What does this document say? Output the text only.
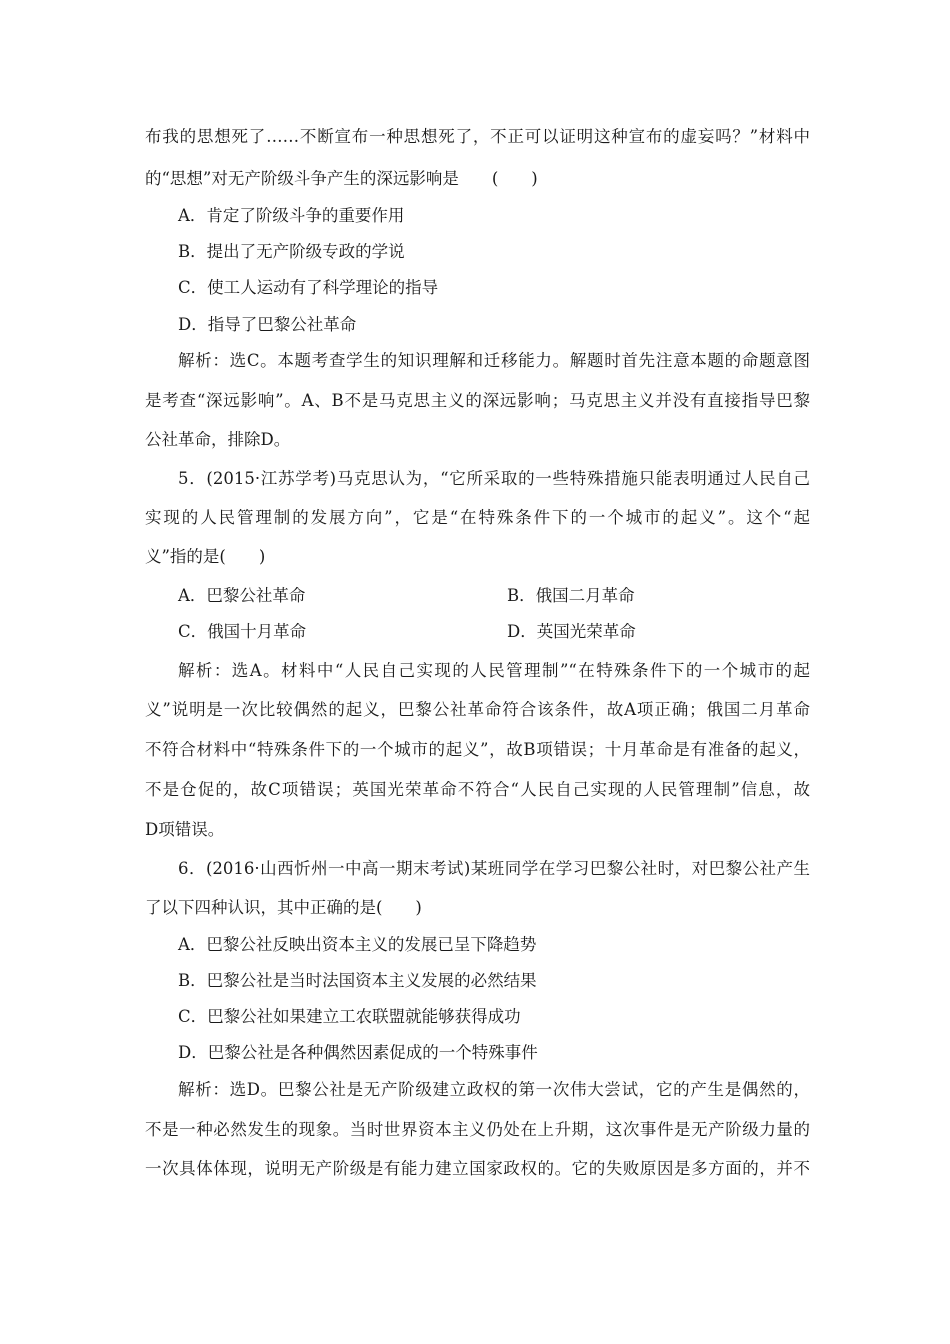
布我的思想死了……不断宣布一种思想死了，不正可以证明这种宣布的虚妄吗？”材料中
的“思想”对无产阶级斗争产生的深远影响是　　(　　)
A．肯定了阶级斗争的重要作用
B．提出了无产阶级专政的学说
C．使工人运动有了科学理论的指导
D．指导了巴黎公社革命
解析：选C。本题考查学生的知识理解和迁移能力。解题时首先注意本题的命题意图
是考查“深远影响”。A、B不是马克思主义的深远影响；马克思主义并没有直接指导巴黎
公社革命，排除D。
5．(2015·江苏学考)马克思认为，“它所采取的一些特殊措施只能表明通过人民自己
实现的人民管理制的发展方向”，它是“在特殊条件下的一个城市的起义”。这个“起
义”指的是(　　)
A．巴黎公社革命	B．俄国二月革命
C．俄国十月革命	D．英国光荣革命
解析：选A。材料中“人民自己实现的人民管理制”“在特殊条件下的一个城市的起
义”说明是一次比较偶然的起义，巴黎公社革命符合该条件，故A项正确；俄国二月革命
不符合材料中“特殊条件下的一个城市的起义”，故B项错误；十月革命是有准备的起义，
不是仓促的，故C项错误；英国光荣革命不符合“人民自己实现的人民管理制”信息，故
D项错误。
6．(2016·山西忻州一中高一期末考试)某班同学在学习巴黎公社时，对巴黎公社产生
了以下四种认识，其中正确的是(　　)
A．巴黎公社反映出资本主义的发展已呈下降趋势
B．巴黎公社是当时法国资本主义发展的必然结果
C．巴黎公社如果建立工农联盟就能够获得成功
D．巴黎公社是各种偶然因素促成的一个特殊事件
解析：选D。巴黎公社是无产阶级建立政权的第一次伟大尝试，它的产生是偶然的，
不是一种必然发生的现象。当时世界资本主义仍处在上升期，这次事件是无产阶级力量的
一次具体体现，说明无产阶级是有能力建立国家政权的。它的失败原因是多方面的，并不
